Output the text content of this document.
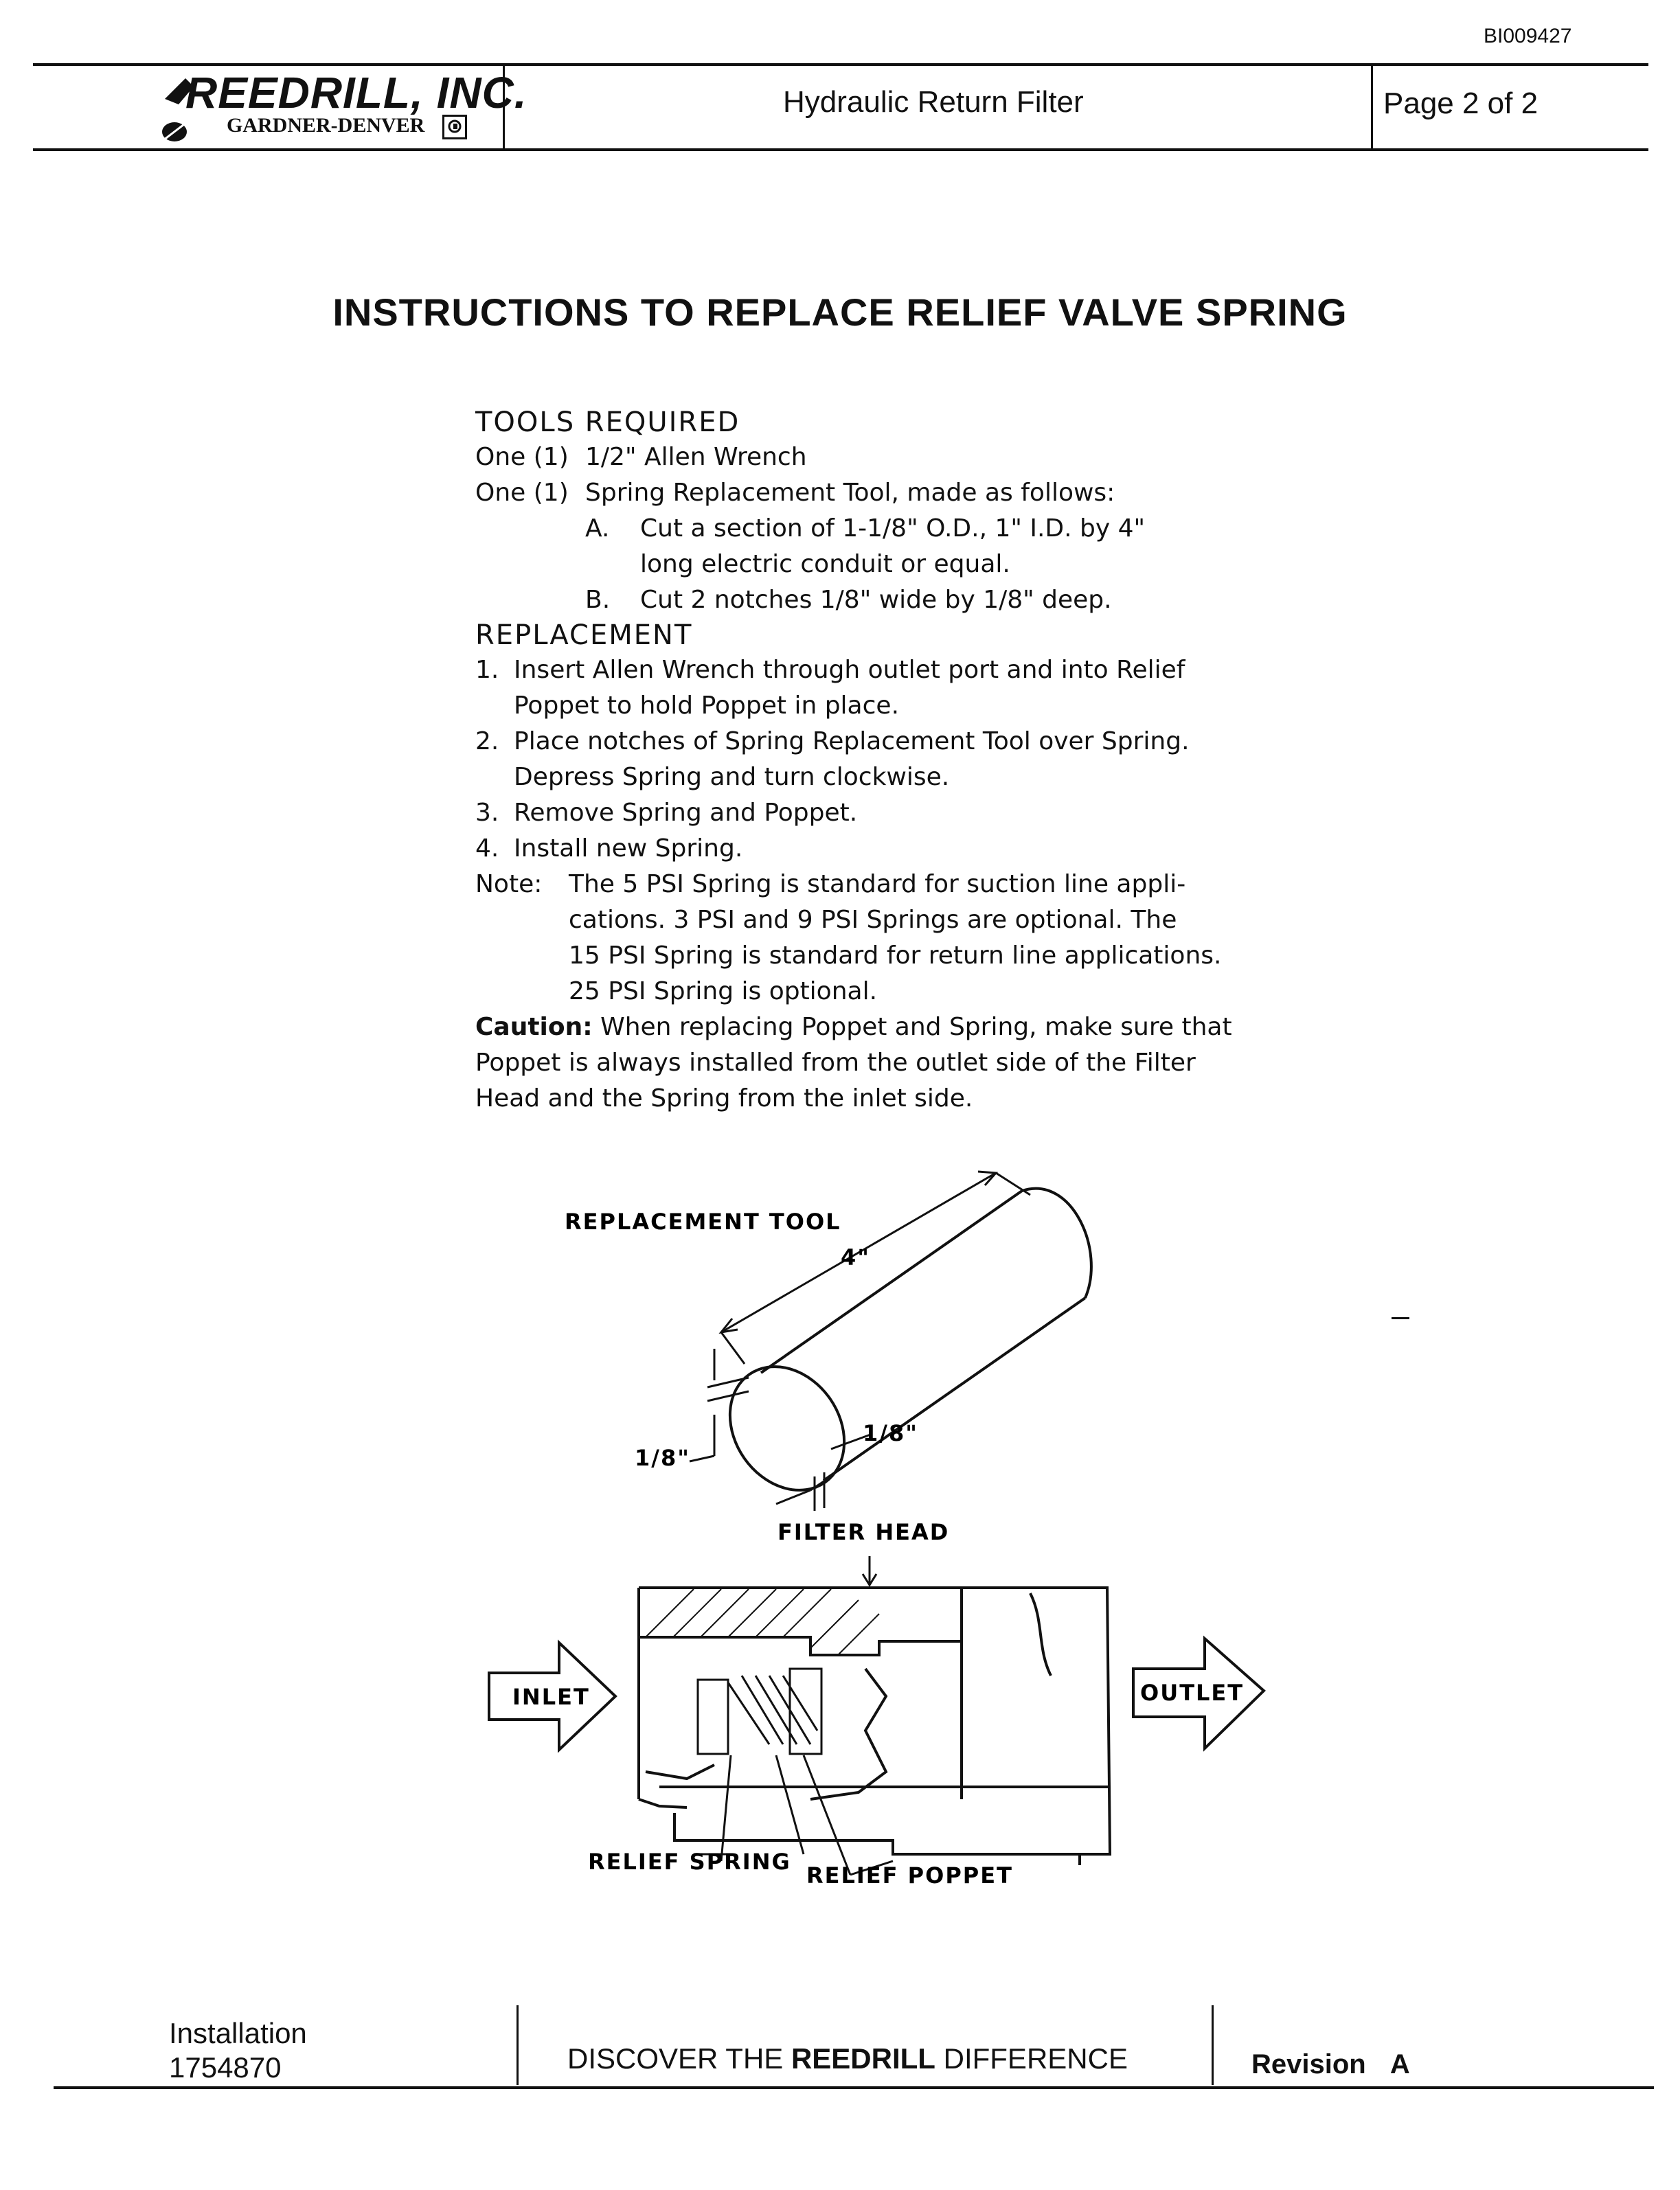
BI009427
REEDRILL, INC.
GARDNER-DENVER
Hydraulic Return Filter	Page 2 of 2
INSTRUCTIONS TO REPLACE RELIEF VALVE SPRING
TOOLS REQUIRED
One (1) 1/2" Allen Wrench
One (1) Spring Replacement Tool, made as follows:
A.	Cut a section of 1-1/8" O.D., 1" I.D. by 4"
long electric conduit or equal.
B.	Cut 2 notches 1/8" wide by 1/8" deep.
REPLACEMENT
1. Insert Allen Wrench through outlet port and into Relief
Poppet to hold Poppet in place.
2. Place notches of Spring Replacement Tool over Spring.
Depress Spring and turn clockwise.
3. Remove Spring and Poppet.
4. Install new Spring.
Note:	The 5 PSI Spring is standard for suction line appli-
cations. 3 PSI and 9 PSI Springs are optional. The
15 PSI Spring is standard for return line applications.
25 PSI Spring is optional.
Caution: When replacing Poppet and Spring, make sure that
Poppet is always installed from the outlet side of the Filter
Head and the Spring from the inlet side.
REPLACEMENT TOOL
4"
1/8"
1/8"
FILTER HEAD
INLET	OUTLET
RELIEF SPRING
RELIEF POPPET
Installation
1754870	DISCOVER THE REEDRILL DIFFERENCE	Revision A
